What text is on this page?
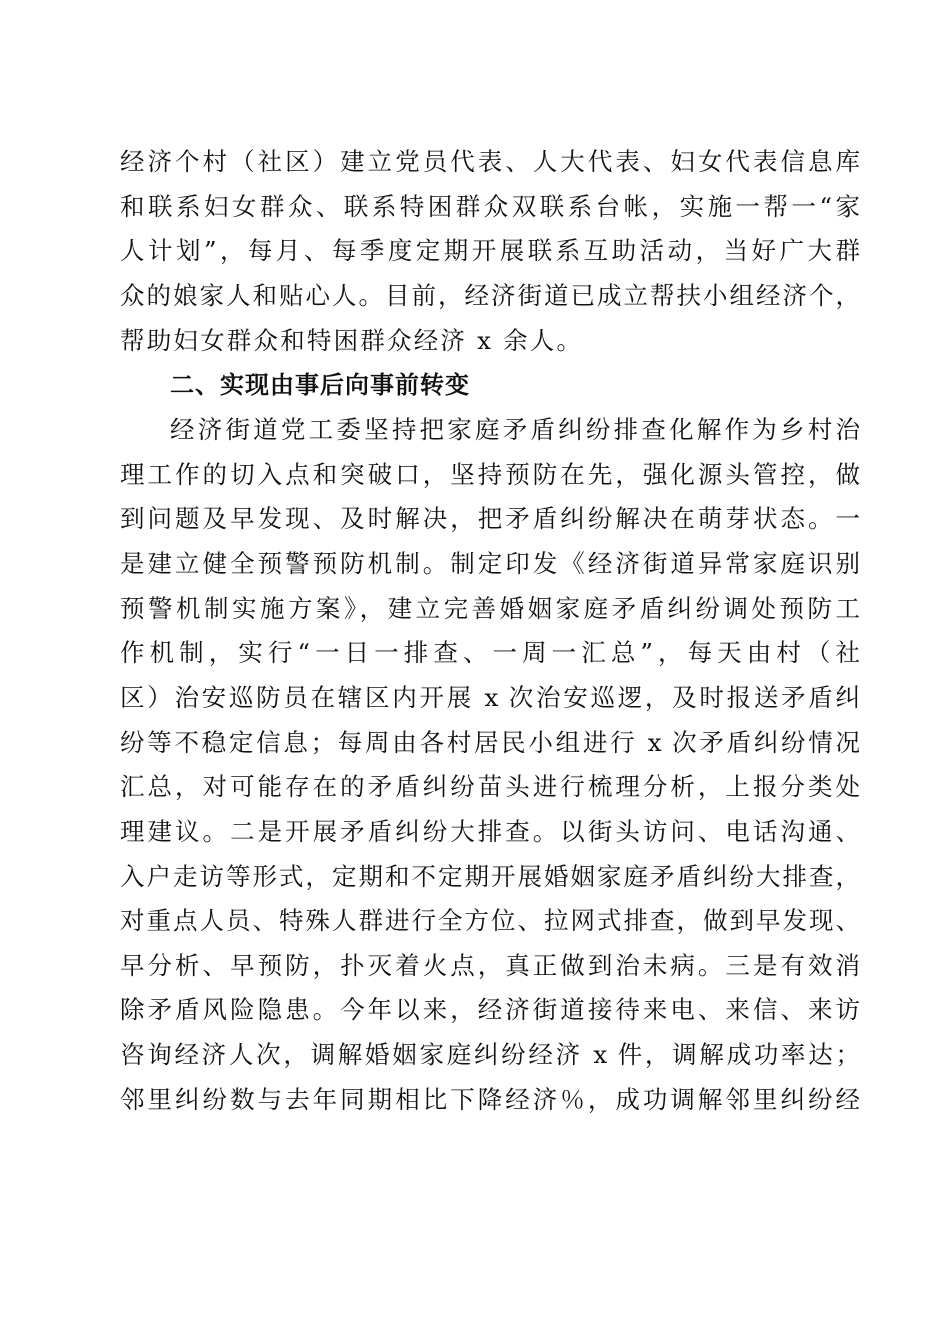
经济个村（社区）建立党员代表、人大代表、妇女代表信息库
和联系妇女群众、联系特困群众双联系台帐，实施一帮一“家
人计划”，每月、每季度定期开展联系互助活动，当好广大群
众的娘家人和贴心人。目前，经济街道已成立帮扶小组经济个，
帮助妇女群众和特困群众经济 x 余人。
二、实现由事后向事前转变
经济街道党工委坚持把家庭矛盾纠纷排查化解作为乡村治
理工作的切入点和突破口，坚持预防在先，强化源头管控，做
到问题及早发现、及时解决，把矛盾纠纷解决在萌芽状态。一
是建立健全预警预防机制。制定印发《经济街道异常家庭识别
预警机制实施方案》，建立完善婚姻家庭矛盾纠纷调处预防工
作机制，实行“一日一排查、一周一汇总”，每天由村（社
区）治安巡防员在辖区内开展 x 次治安巡逻，及时报送矛盾纠
纷等不稳定信息；每周由各村居民小组进行 x 次矛盾纠纷情况
汇总，对可能存在的矛盾纠纷苗头进行梳理分析，上报分类处
理建议。二是开展矛盾纠纷大排查。以街头访问、电话沟通、
入户走访等形式，定期和不定期开展婚姻家庭矛盾纠纷大排查，
对重点人员、特殊人群进行全方位、拉网式排查，做到早发现、
早分析、早预防，扑灭着火点，真正做到治未病。三是有效消
除矛盾风险隐患。今年以来，经济街道接待来电、来信、来访
咨询经济人次，调解婚姻家庭纠纷经济 x 件，调解成功率达；
邻里纠纷数与去年同期相比下降经济％，成功调解邻里纠纷经
